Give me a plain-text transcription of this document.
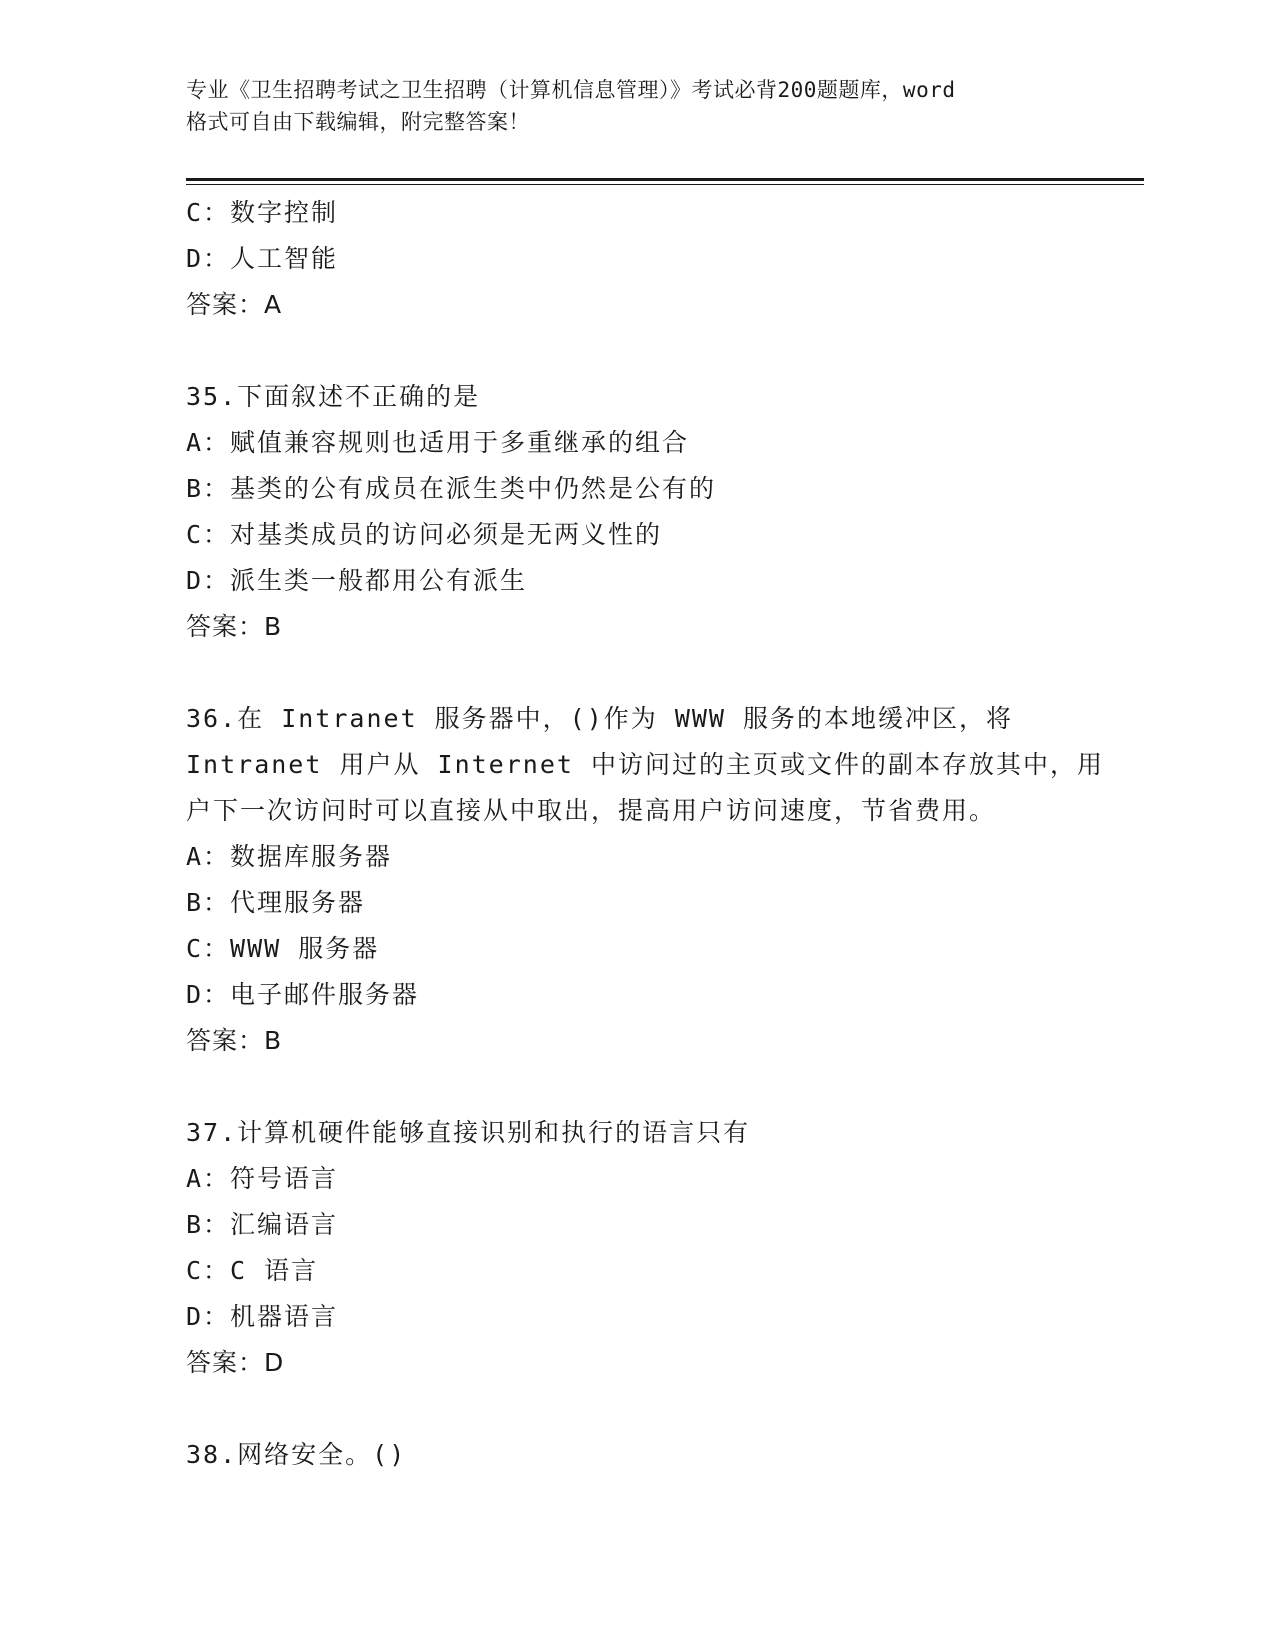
专业《卫生招聘考试之卫生招聘（计算机信息管理）》考试必背200题题库，word
格式可自由下载编辑，附完整答案！
C：数字控制
D：人工智能
答案：A
35.下面叙述不正确的是
A：赋值兼容规则也适用于多重继承的组合
B：基类的公有成员在派生类中仍然是公有的
C：对基类成员的访问必须是无两义性的
D：派生类一般都用公有派生
答案：B
36.在 Intranet 服务器中，()作为 WWW 服务的本地缓冲区，将
Intranet 用户从 Internet 中访问过的主页或文件的副本存放其中，用
户下一次访问时可以直接从中取出，提高用户访问速度，节省费用。
A：数据库服务器
B：代理服务器
C：WWW 服务器
D：电子邮件服务器
答案：B
37.计算机硬件能够直接识别和执行的语言只有
A：符号语言
B：汇编语言
C：C 语言
D：机器语言
答案：D
38.网络安全。()
